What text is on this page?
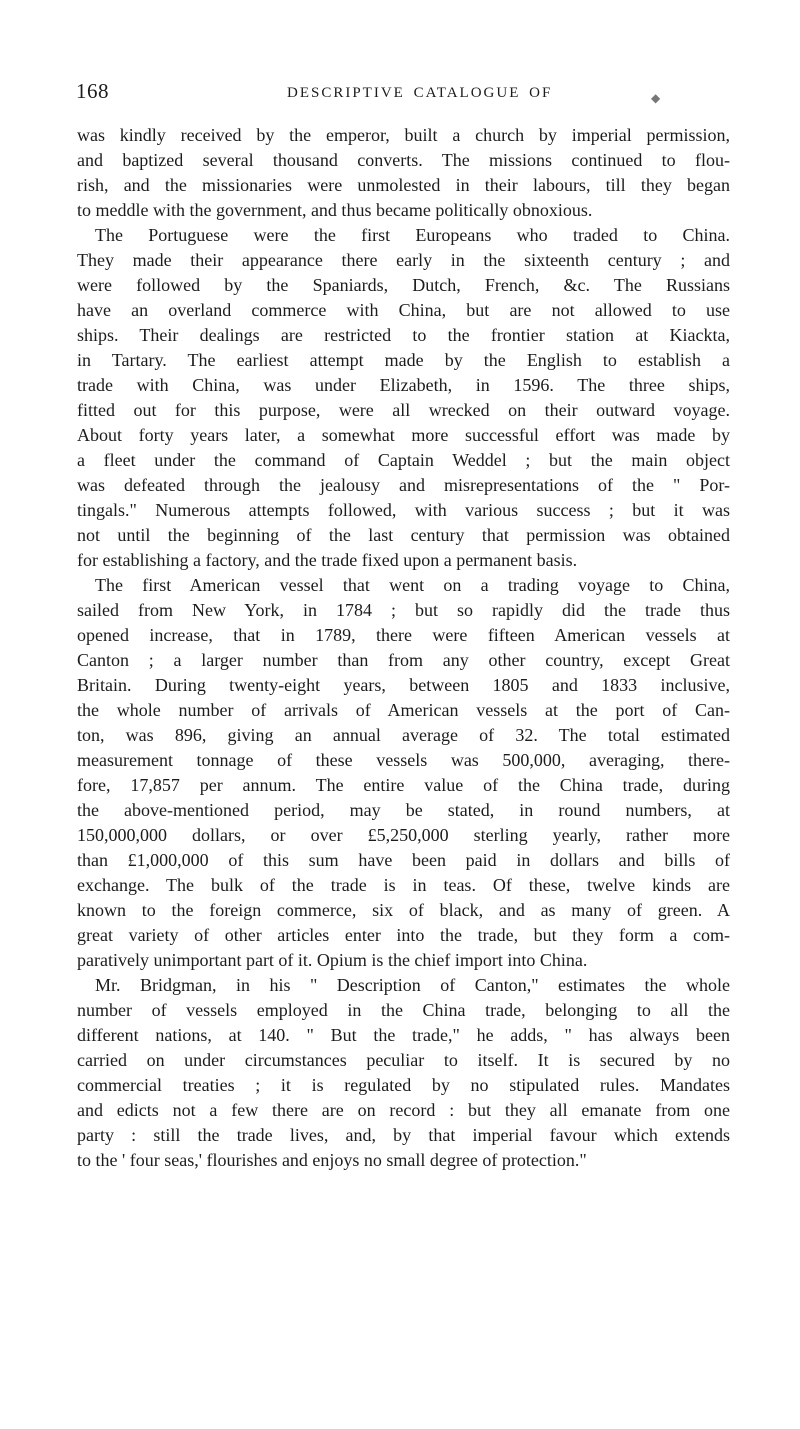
168	DESCRIPTIVE CATALOGUE OF	◆
was kindly received by the emperor, built a church by imperial permission,
and baptized several thousand converts. The missions continued to flou-
rish, and the missionaries were unmolested in their labours, till they began
to meddle with the government, and thus became politically obnoxious.
The Portuguese were the first Europeans who traded to China.
They made their appearance there early in the sixteenth century ; and
were followed by the Spaniards, Dutch, French, &c. The Russians
have an overland commerce with China, but are not allowed to use
ships. Their dealings are restricted to the frontier station at Kiackta,
in Tartary. The earliest attempt made by the English to establish a
trade with China, was under Elizabeth, in 1596. The three ships,
fitted out for this purpose, were all wrecked on their outward voyage.
About forty years later, a somewhat more successful effort was made by
a fleet under the command of Captain Weddel ; but the main object
was defeated through the jealousy and misrepresentations of the " Por-
tingals." Numerous attempts followed, with various success ; but it was
not until the beginning of the last century that permission was obtained
for establishing a factory, and the trade fixed upon a permanent basis.
The first American vessel that went on a trading voyage to China,
sailed from New York, in 1784 ; but so rapidly did the trade thus
opened increase, that in 1789, there were fifteen American vessels at
Canton ; a larger number than from any other country, except Great
Britain. During twenty-eight years, between 1805 and 1833 inclusive,
the whole number of arrivals of American vessels at the port of Can-
ton, was 896, giving an annual average of 32. The total estimated
measurement tonnage of these vessels was 500,000, averaging, there-
fore, 17,857 per annum. The entire value of the China trade, during
the above-mentioned period, may be stated, in round numbers, at
150,000,000 dollars, or over £5,250,000 sterling yearly, rather more
than £1,000,000 of this sum have been paid in dollars and bills of
exchange. The bulk of the trade is in teas. Of these, twelve kinds are
known to the foreign commerce, six of black, and as many of green. A
great variety of other articles enter into the trade, but they form a com-
paratively unimportant part of it. Opium is the chief import into China.
Mr. Bridgman, in his " Description of Canton," estimates the whole
number of vessels employed in the China trade, belonging to all the
different nations, at 140. " But the trade," he adds, " has always been
carried on under circumstances peculiar to itself. It is secured by no
commercial treaties ; it is regulated by no stipulated rules. Mandates
and edicts not a few there are on record : but they all emanate from one
party : still the trade lives, and, by that imperial favour which extends
to the ' four seas,' flourishes and enjoys no small degree of protection."
